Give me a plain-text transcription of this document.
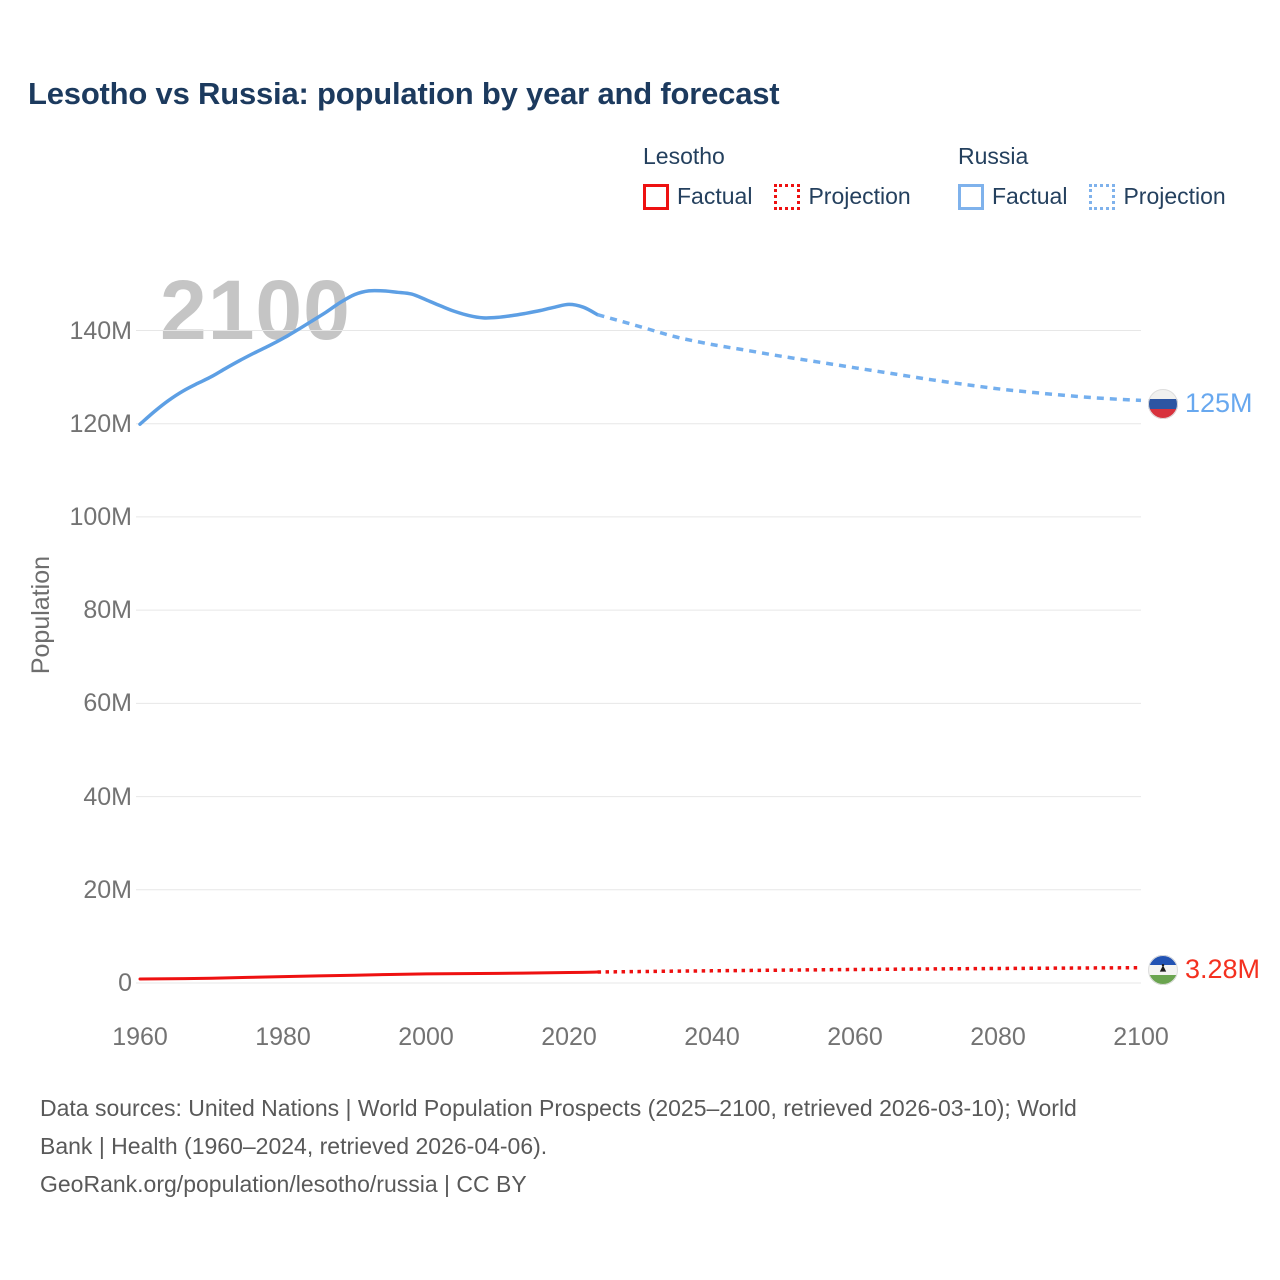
Lesotho vs Russia: population by year and forecast
Lesotho
Factual Projection
Russia
Factual Projection
2100
Population
125M
3.28M
Data sources: United Nations | World Population Prospects (2025–2100, retrieved 2026-03-10); World
Bank | Health (1960–2024, retrieved 2026-04-06).
GeoRank.org/population/lesotho/russia | CC BY
0
20M
40M
60M
80M
100M
120M
140M
1960	1980	2000	2020	2040	2060	2080	2100
